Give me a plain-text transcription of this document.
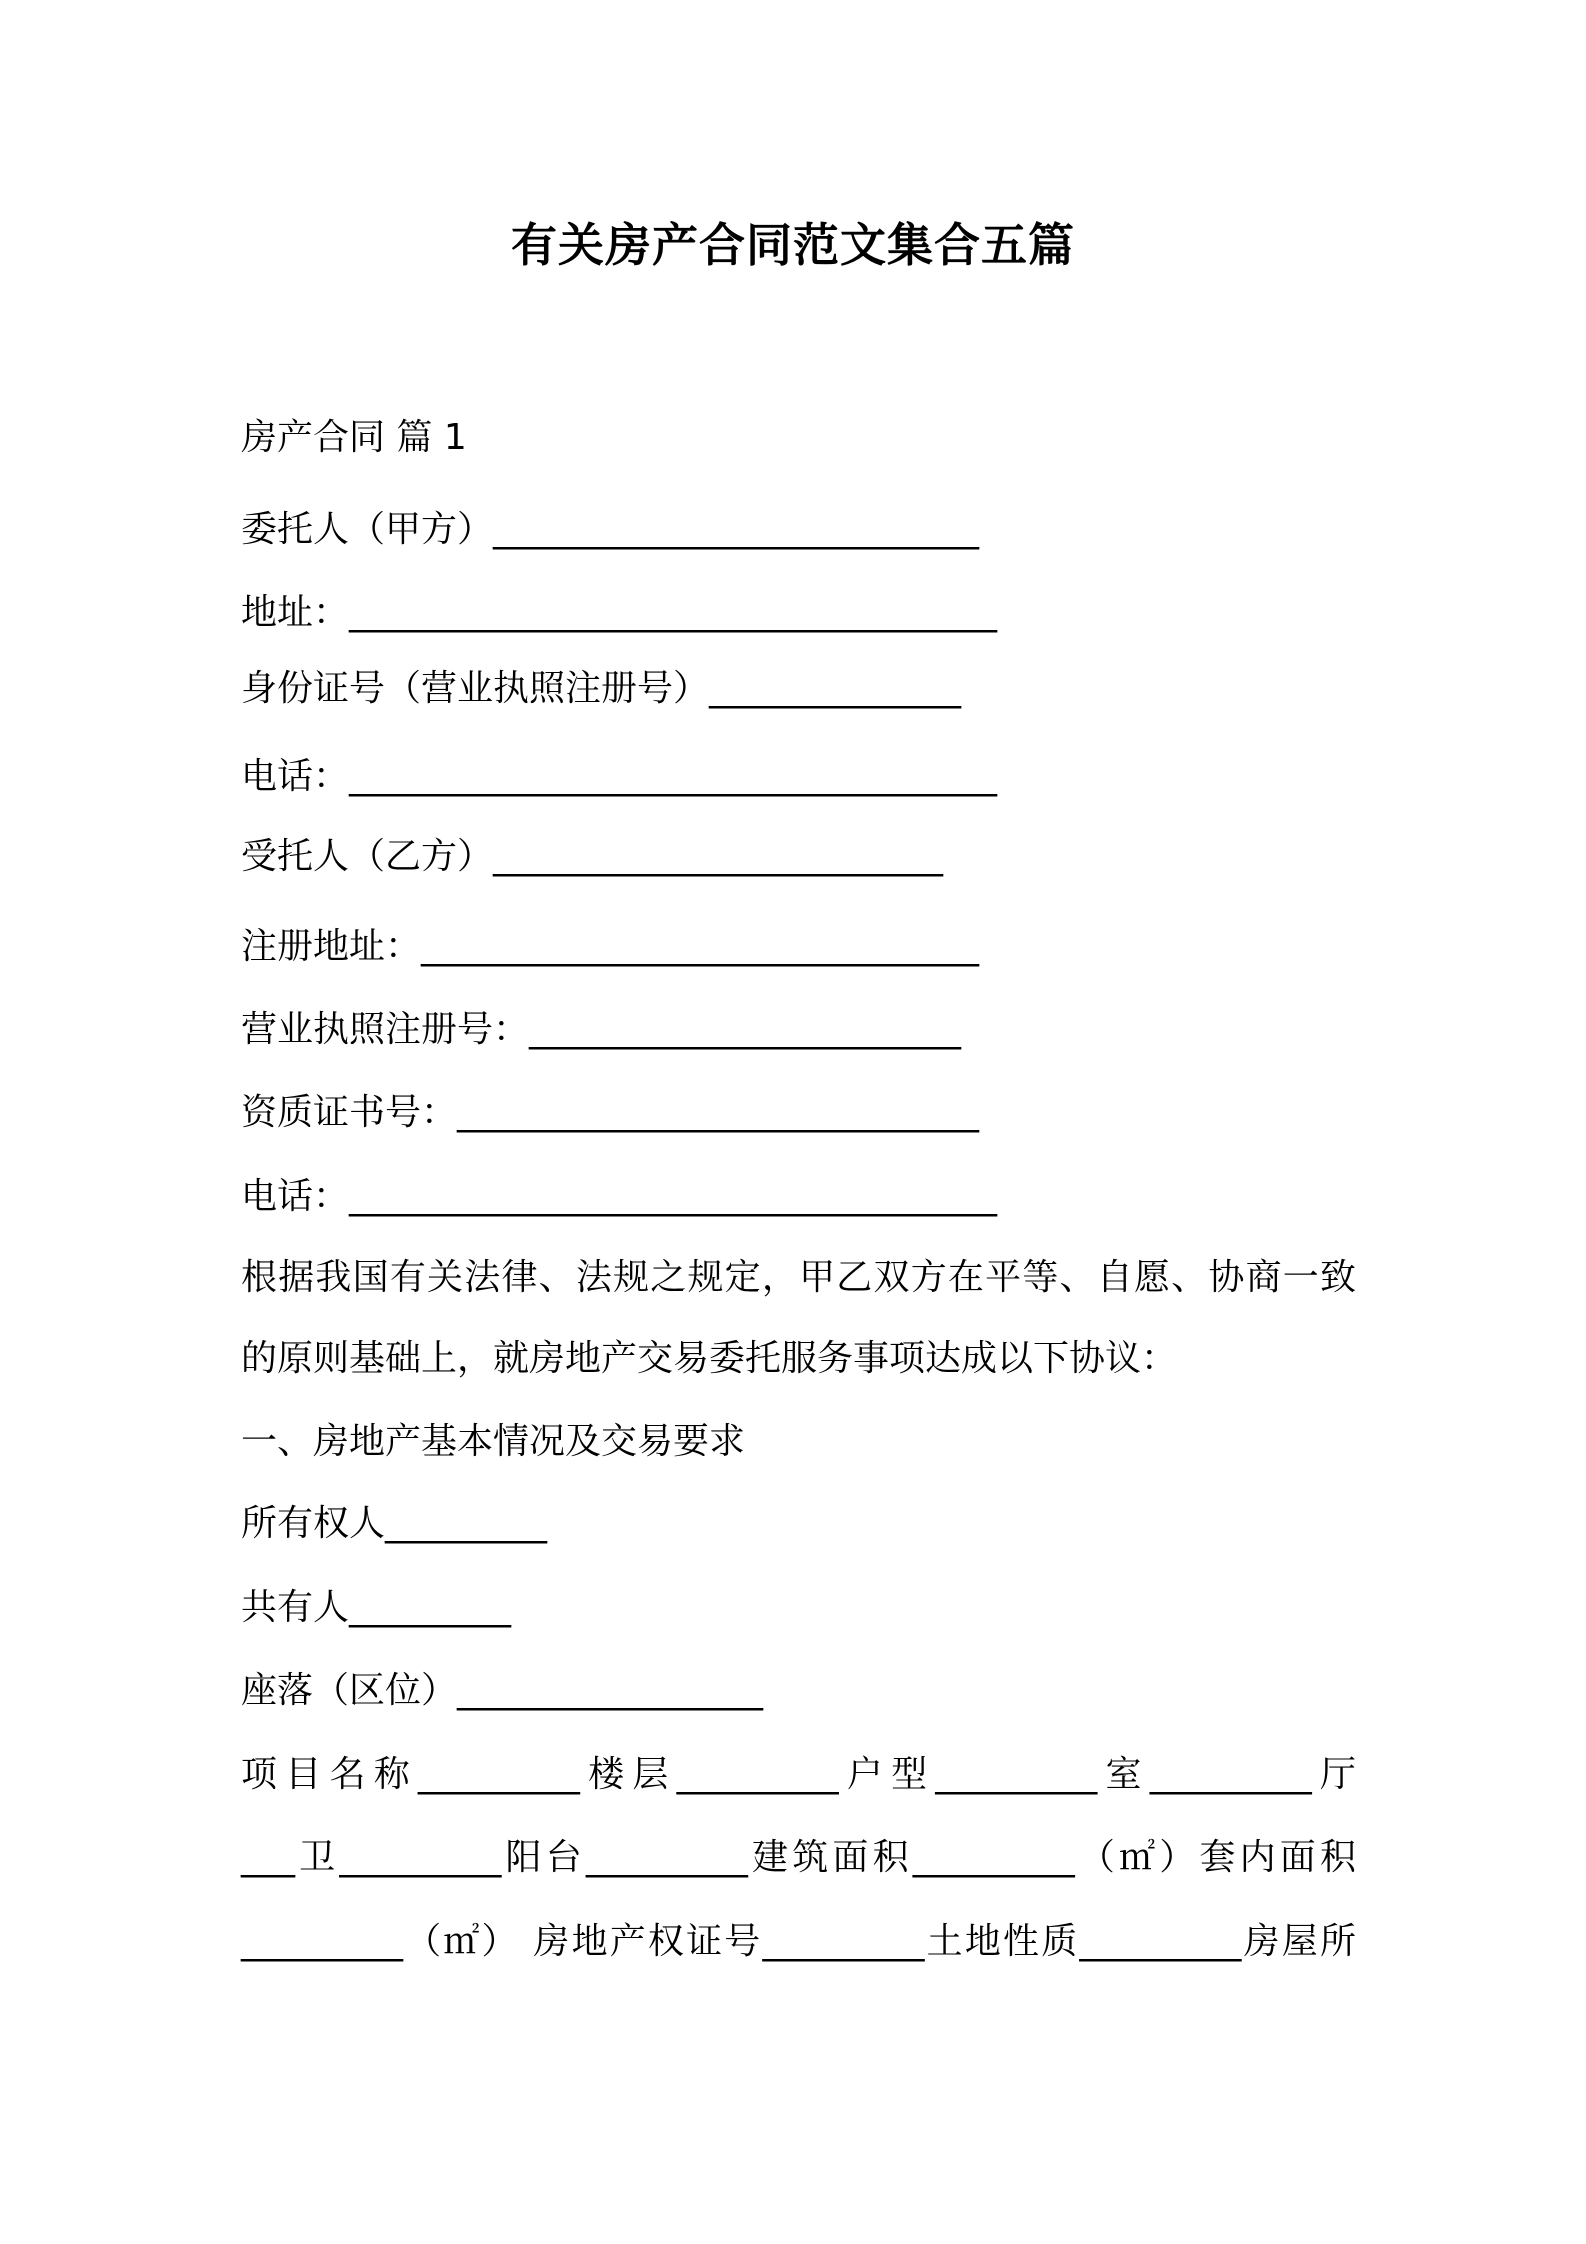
有关房产合同范文集合五篇
房产合同 篇 1
委托人（甲方）___________________________
地址：____________________________________
身份证号（营业执照注册号）______________
电话：____________________________________
受托人（乙方）_________________________
注册地址：_______________________________
营业执照注册号：________________________
资质证书号：_____________________________
电话：____________________________________
根据我国有关法律、法规之规定，甲乙双方在平等、自愿、协商一致
的原则基础上，就房地产交易委托服务事项达成以下协议：
一、房地产基本情况及交易要求
所有权人_________
共有人_________
座落（区位）_________________
项目名称_________楼层_________户型_________室_________厅
___卫_________阳台_________建筑面积_________（㎡）套内面积
_________（㎡） 房地产权证号_________土地性质_________房屋所
